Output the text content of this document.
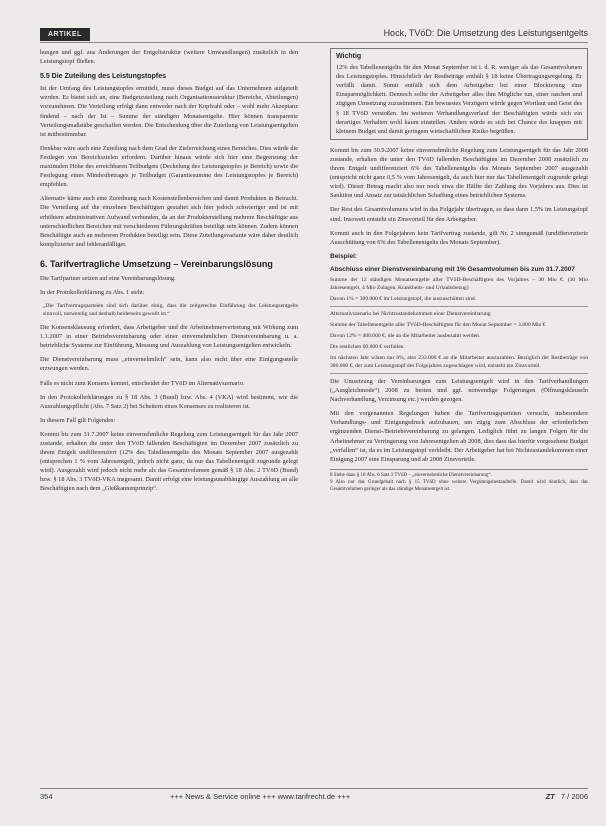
ARTIKEL	Hock, TVöD: Die Umsetzung des Leistungsentgelts

hungen und ggf. aus Änderungen der Entgeltstruktur (weitere Umwandlungen) zusätzlich in den Leistungstopf fließen.

5.5 Die Zuteilung des Leistungstopfes

Ist der Umfang des Leistungstopfes ermittelt, muss dieses Budget auf das Unternehmen aufgeteilt werden. Es bietet sich an, eine Budgetzuteilung nach Organisationsstruktur (Bereiche, Abteilungen) vorzunehmen. Die Verteilung erfolgt dann entweder nach der Kopfzahl oder – wohl mehr Akzeptanz findend – nach der Ist – Summe der ständigen Monatsentgelte. Hier können transparente Verteilungsmaßstäbe geschaffen werden. Die Entscheidung über die Zuteilung von Leistungsentgelten ist mitbestimmbar.

Denkbar wäre auch eine Zuteilung nach dem Grad der Zielerreichung eines Bereiches. Dies würde die Festlegen von Bereichszielen erfordern. Darüber hinaus würde sich hier eine Begrenzung der maximalen Höhe des erreichbaren Teilbudgets (Deckelung des Leistungstopfes je Bereich) sowie die Festlegung eines Mindestbetrages je Teilbudget (Garantiesumme des Leistungstopfes je Bereich) empfehlen.

Alternativ käme auch eine Zuordnung nach Kostenstellenbereichen und damit Produkten in Betracht. Die Verteilung auf die einzelnen Beschäftigten gestaltet sich hier jedoch schwieriger und ist mit erhöhtem administrativen Aufwand verbunden, da an der Produkterstellung mehrere Beschäftigte aus unterschiedlichen Bereichen mit verschiedenen Führungskräften beteiligt sein können. Zudem können Beschäftigte auch an mehreren Produkten beteiligt sein. Diese Zuteilungsvariante wäre daher deutlich komplizierter und fehleranfälliger.

6. Tarifvertragliche Umsetzung – Vereinbarungslösung

Die Tarifpartner setzen auf eine Vereinbarungslösung.

In der Protokollerklärung zu Abs. 1 steht:

„Die Tarifvertragsparteien sind sich darüber einig, dass die zeitgerechte Einführung des Leistungsentgelts sinnvoll, notwendig und deshalb beiderseits gewollt ist.“

Die Konsensklausung erfordert, dass Arbeitgeber und die Arbeitnehmervertretung mit Wirkung zum 1.1.2007 in einer Betriebsvereinbarung oder einer einvernehmlichen Dienstvereinbarung u. a. betriebliche Systeme zur Einführung, Messung und Auszahlung von Leistungsentgelten entwickeln.

Die Dienstvereinbarung muss „einvernehmlich“ sein, kann also nicht über eine Einigungsstelle erzwungen werden.

Falls es nicht zum Konsens kommt, entscheidet der TVöD im Alternativszenario.

In den Protokollerklärungen zu § 18 Abs. 3 (Bund) bzw. Abs. 4 (VKA) wird bestimmt, wie die Auszahlungspflicht (Abs. 7 Satz 2) bei Scheitern eines Konsenses zu realisieren ist.

In diesem Fall gilt Folgendes:

Kommt bis zum 31.7.2007 keine einvernehmliche Regelung zum Leistungsentgelt für das Jahr 2007 zustande, erhalten die unter den TVöD fallenden Beschäftigten im Dezember 2007 zusätzlich zu ihrem Entgelt undifferenziert (12% des Tabellenentgelts des Monats September 2007 ausgezahlt (entsprechen 1 % vom Jahresentgelt, jedoch nicht ganz, da nur das Tabellenentgelt zugrunde gelegt wird). Ausgezahlt wird jedoch nicht mehr als das Gesamtvolumen gemäß § 18 Abs. 2 TVöD (Bund) bzw. § 18 Abs. 3 TVöD-VKA insgesamt. Damit erfolgt eine leistungsunabhängige Auszahlung an alle Beschäftigten nach dem „Gießkannenprinzip“.

Wichtig
12% des Tabellenentgelts für den Monat September ist i. d. R. weniger als das Gesamtvolumen des Leistungstopfes. Hinsichtlich der Restbeträge enthält § 18 keine Übertragungsregelung. Er verfällt damit. Somit entfällt sich dem Arbeitgeber bei einer Blockierung eine Einsparmöglichkeit. Dennoch sollte der Arbeitgeber alles ihm Mögliche tun, einer raschen und zügigen Umsetzung zuzustimmen. Ein bewusstes Verzögern würde gegen Wortlaut und Geist des § 18 TVöD verstoßen. Im weiteren Verhandlungsverlauf der Beschäftigten würde sich ein derartiges Verhalten wohl kaum einstellen. Anders würde es sich bei Chance des knappen mit kleinem Budget und damit geringem wirtschaftlichen Risiko begrüßen.

Kommt bis zum 30.9.2007 keine einvernehmliche Regelung zum Leistungsentgelt für das Jahr 2008 zustande, erhalten die unter den TVöD fallenden Beschäftigten im Dezember 2008 zusätzlich zu ihrem Entgelt undifferenziert 6% des Tabellenentgelts des Monats September 2007 ausgezahlt (entspricht nicht ganz 0,5 % vom Jahresentgelt, da auch hier nur das Tabellenentgelt zugrunde gelegt wird). Dieser Betrag macht also nur noch etwa die Hälfte der Zahlung des Vorjahres aus. Dies ist Sanktion und Ansatz zur tatsächlichen Schaffung eines betrieblichen Systems.

Der Rest des Gesamtvolumens wird in das Folgejahr übertragen, so dass dann 1,5% im Leistungstopf sind. Insoweit entsteht ein Zinsvorteil für den Arbeitgeber.

Kommt auch in den Folgejahren kein Tarifvertrag zustande, gilt Nr. 2 sinngemäß (undifferenzierte Ausschüttung von 6% des Tabellenentgelts des Monats September).

Beispiel:
Abschluss einer Dienstvereinbarung mit 1% Gesamtvolumen bis zum 31.7.2007

Summe der 12 ständigen Monatsentgelte aller TVöD-Beschäftigten des Vorjahres – 30 Mio €. (30 Mio Jahresentgelt, 4 Mio Zulagen, Krankheits- und Urlaubsbezug)

Davon 1% = 300.000 € im Leistungstopf, die auszuschütten sind.

Alternativszenario bei Nichtzustandekommen einer Dienstvereinbarung

Summe der Tabellenentgelte aller TVöD-Beschäftigten für den Monat September = 3.800 Mio €

Davon 12% = 400.000 €, die an die Mitarbeiter ausbezahlt werden.

Die restlichen 60.000 € verfallen.

Im nächsten Jahr wären nur 6%, also 233.000 € an die Mitarbeiter auszuzahlen. Bezüglich der Restbeträge von 300.000 €, der zum Leistungstopf des Folgejahres zugeschlagen wird, entsteht ein Zinsvorteil.

Die Umsetzung der Vereinbarungen zum Leistungsentgelt wird in den Tarifverhandlungen („Ausgleichmode“) 2008 zu besten und ggf. notwendige Folgerungen (Öffnungsklauseln Nachverhandlung, Verzinsung etc.) werden gezogen.

Mit den vorgenannten Regelungen haben die Tarifvertragsparteien versucht, insbesondere Verhandlungs- und Einigungsdruck aufzubauen, um zügig zum Abschluss der erforderlichen ergänzenden Dienst-/Betriebsvereinbarung zu gelangen. Lediglich führt zu langen Folgen für die Arbeitnehmer zu Verringerung von Jahresentgelten ab 2008, dies dass das hierfür vorgesehene Budget „verfallen“ ist, da es im Leistungstopf verbleibt. Der Arbeitgeber hat bei Nichtzustandekommen einer Einigung 2007 eine Einsparung und ab 2008 Zinsvorteile.

8 Siehe dazu § 18 Abs. 6 Satz 3 TVöD – „einvernehmliche Dienstvereinbarung“.
9 Also nur das Grundgehalt nach § 15 TVöD ohne weitere Vergütungsbestandteile. Damit wird deutlich, dass das Gesamtvolumen geringer als das ständige Monatsentgelt ist.
354	+++ News & Service online +++ www.tarifrecht.de +++	ZT 7 / 2006
